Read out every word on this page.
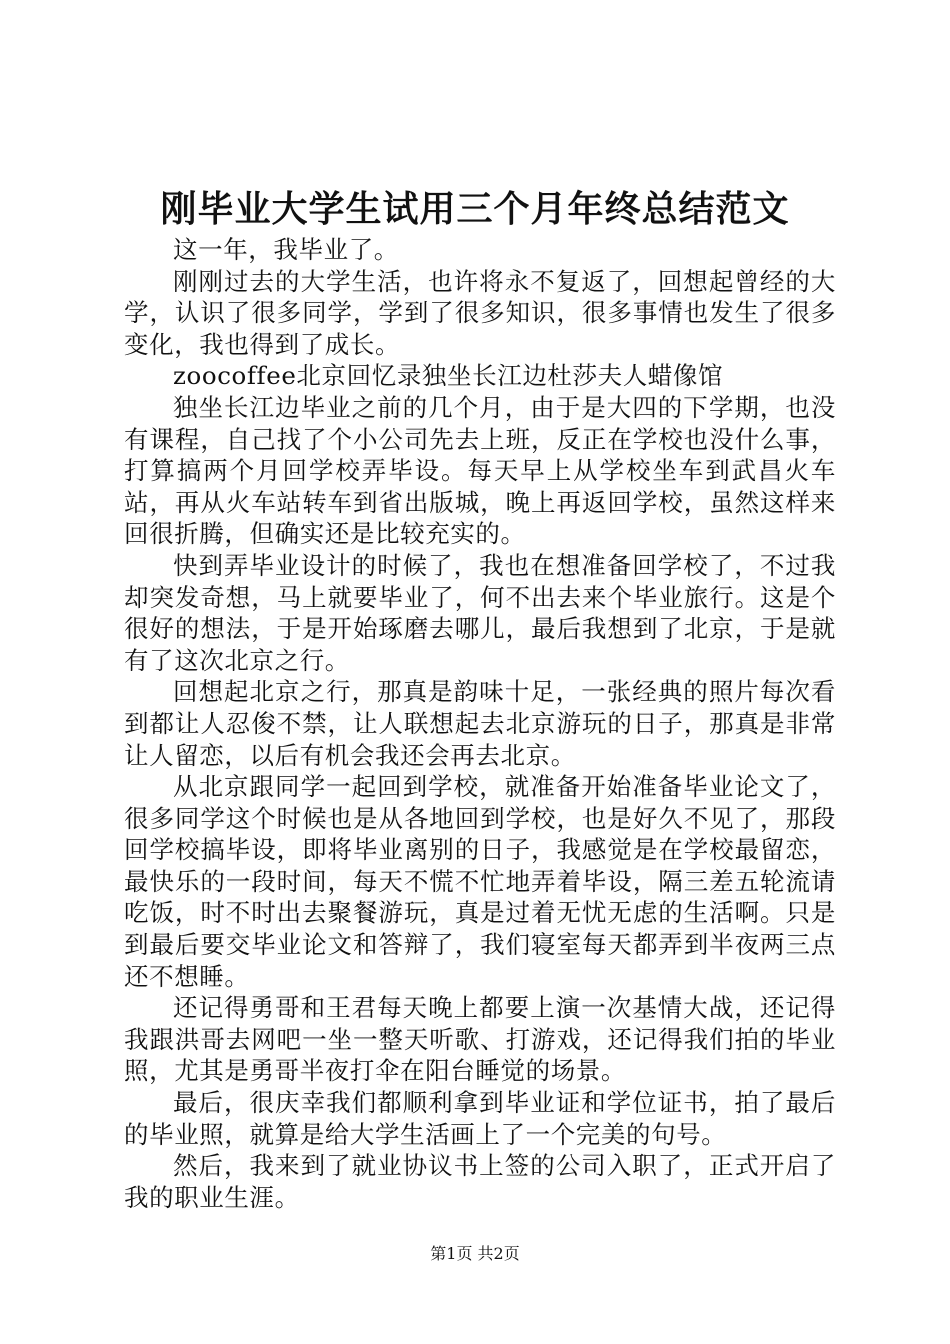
刚毕业大学生试用三个月年终总结范文

这一年，我毕业了。

刚刚过去的大学生活，也许将永不复返了，回想起曾经的大学，认识了很多同学，学到了很多知识，很多事情也发生了很多变化，我也得到了成长。

zoocoffee北京回忆录独坐长江边杜莎夫人蜡像馆

独坐长江边毕业之前的几个月，由于是大四的下学期，也没有课程，自己找了个小公司先去上班，反正在学校也没什么事，打算搞两个月回学校弄毕设。每天早上从学校坐车到武昌火车站，再从火车站转车到省出版城，晚上再返回学校，虽然这样来回很折腾，但确实还是比较充实的。

快到弄毕业设计的时候了，我也在想准备回学校了，不过我却突发奇想，马上就要毕业了，何不出去来个毕业旅行。这是个很好的想法，于是开始琢磨去哪儿，最后我想到了北京，于是就有了这次北京之行。

回想起北京之行，那真是韵味十足，一张经典的照片每次看到都让人忍俊不禁，让人联想起去北京游玩的日子，那真是非常让人留恋，以后有机会我还会再去北京。

从北京跟同学一起回到学校，就准备开始准备毕业论文了，很多同学这个时候也是从各地回到学校，也是好久不见了，那段回学校搞毕设，即将毕业离别的日子，我感觉是在学校最留恋，最快乐的一段时间，每天不慌不忙地弄着毕设，隔三差五轮流请吃饭，时不时出去聚餐游玩，真是过着无忧无虑的生活啊。只是到最后要交毕业论文和答辩了，我们寝室每天都弄到半夜两三点还不想睡。

还记得勇哥和王君每天晚上都要上演一次基情大战，还记得我跟洪哥去网吧一坐一整天听歌、打游戏，还记得我们拍的毕业照，尤其是勇哥半夜打伞在阳台睡觉的场景。

最后，很庆幸我们都顺利拿到毕业证和学位证书，拍了最后的毕业照，就算是给大学生活画上了一个完美的句号。

然后，我来到了就业协议书上签的公司入职了，正式开启了我的职业生涯。

第1页 共2页
